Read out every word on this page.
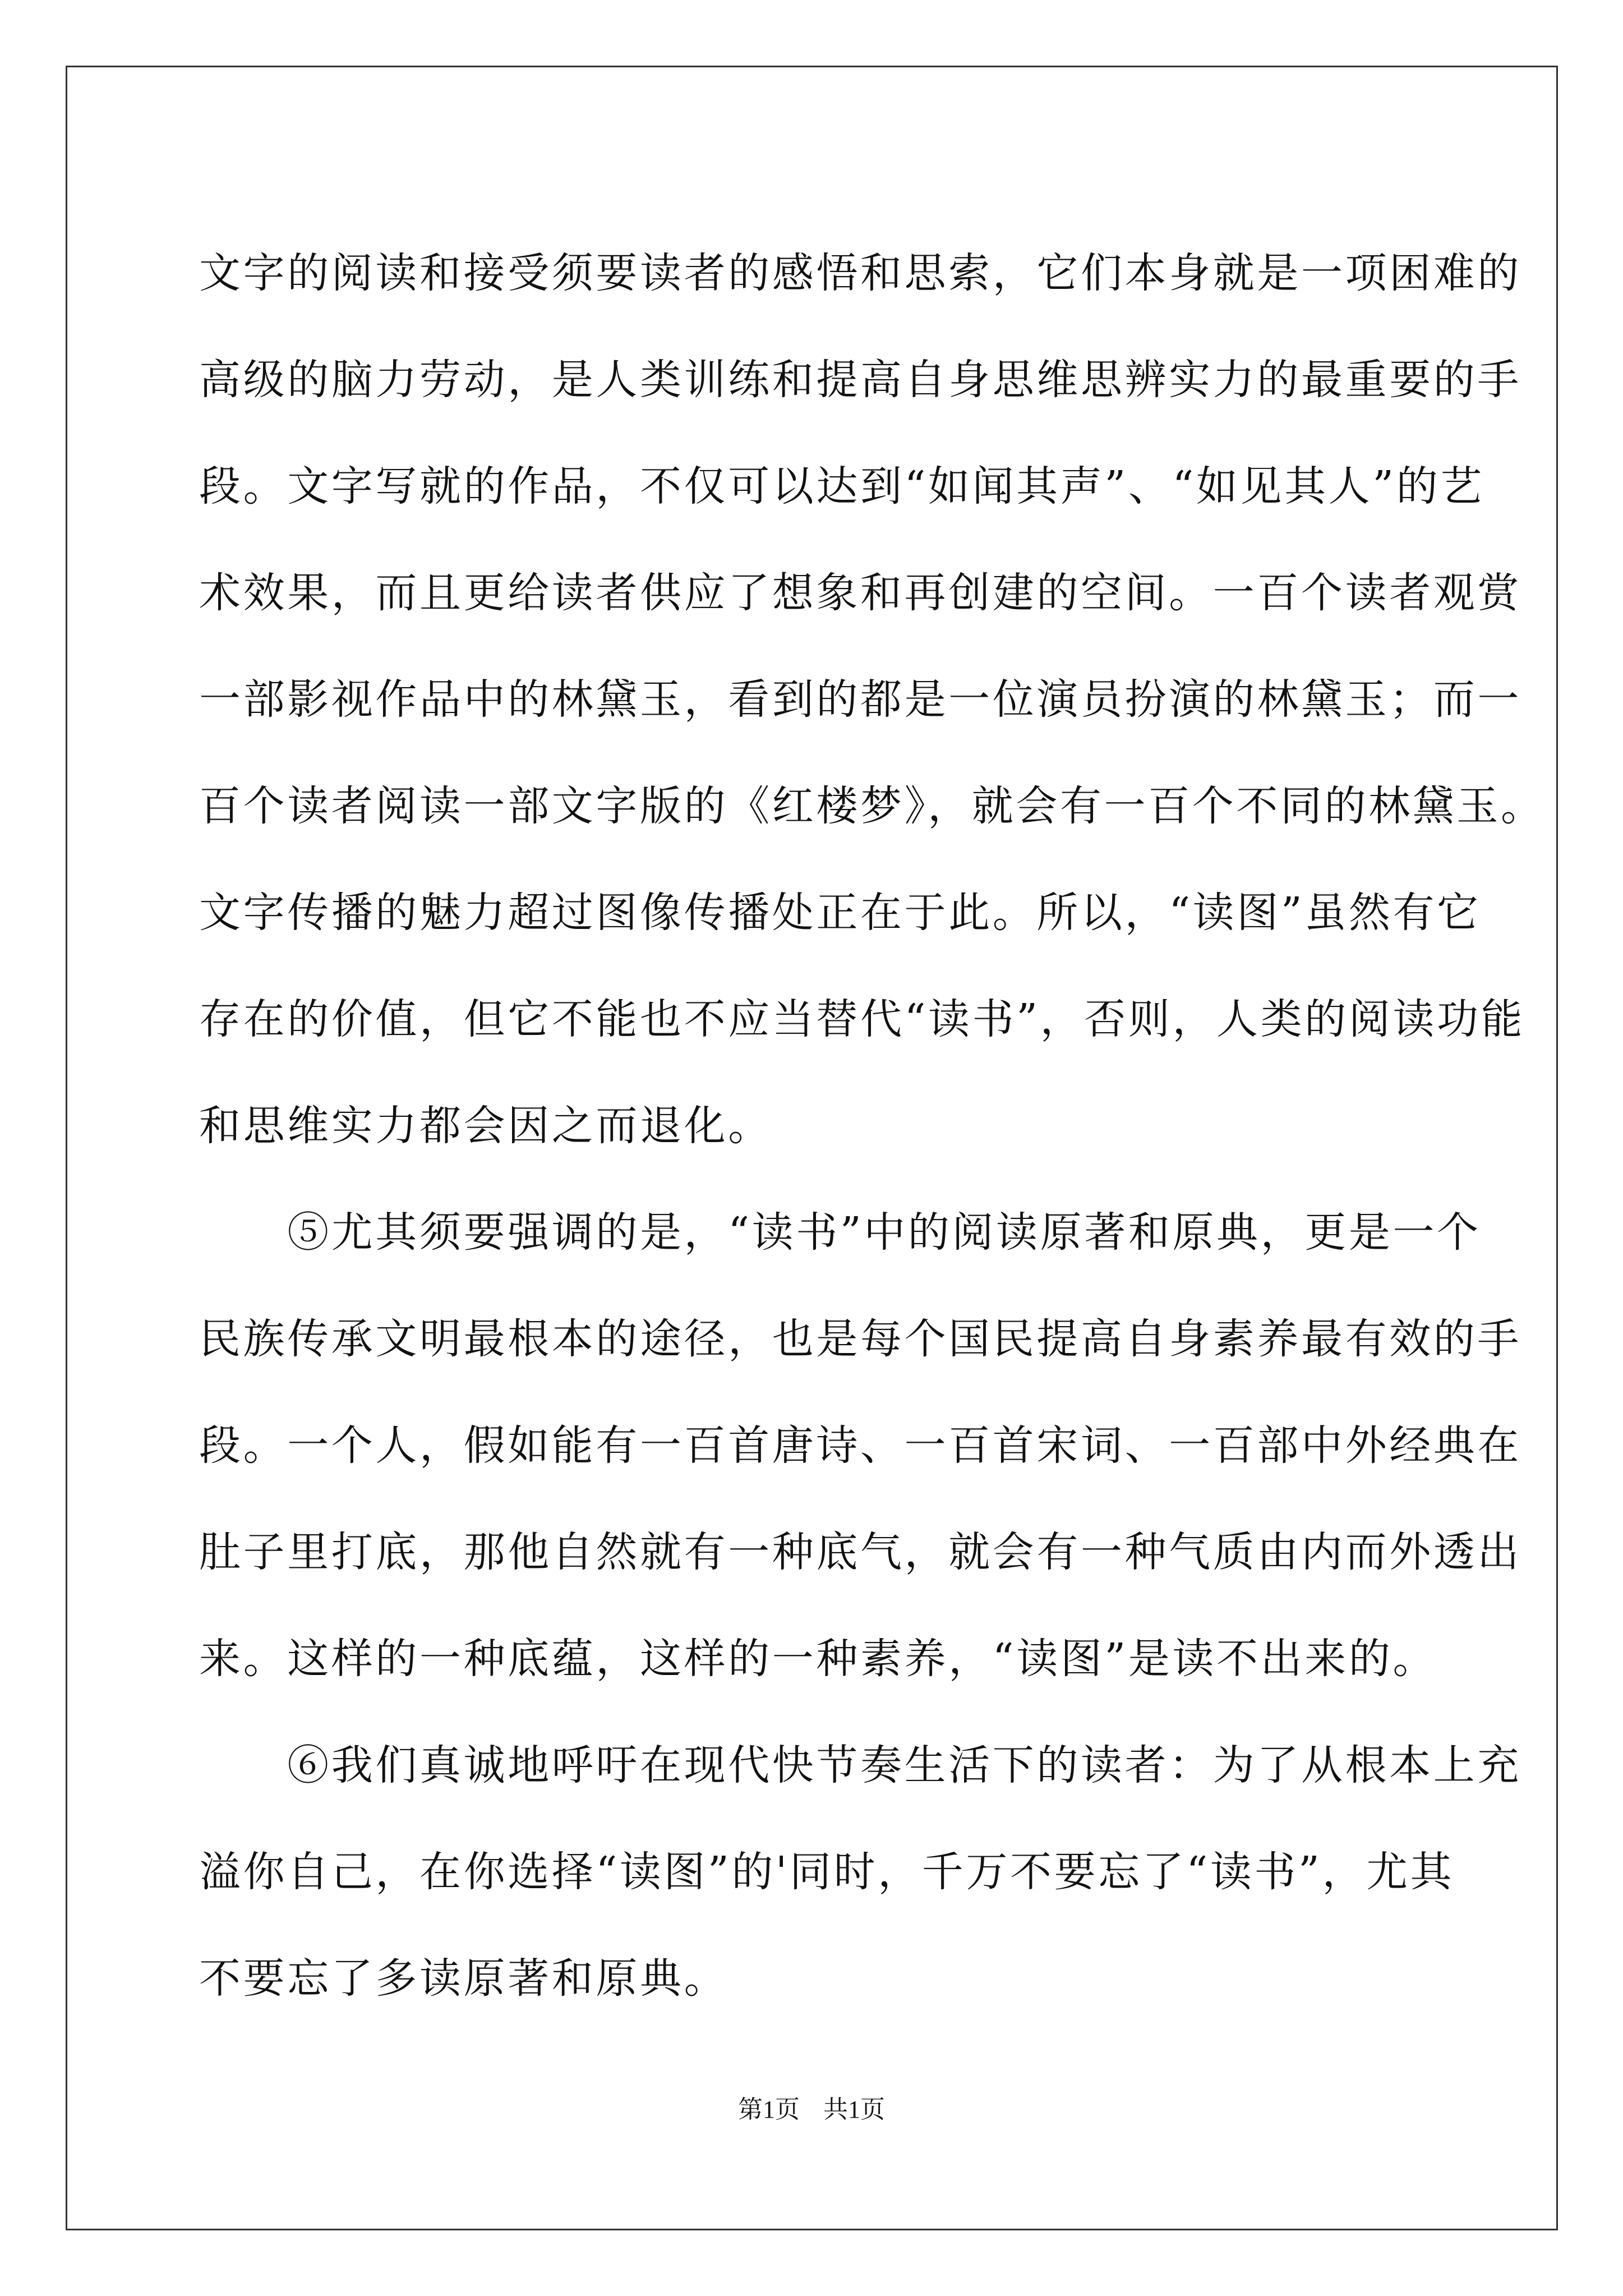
文字的阅读和接受须要读者的感悟和思索，它们本身就是一项困难的
高级的脑力劳动，是人类训练和提高自身思维思辨实力的最重要的手
段。文字写就的作品，不仅可以达到“如闻其声”、“如见其人”的艺
术效果，而且更给读者供应了想象和再创建的空间。一百个读者观赏
一部影视作品中的林黛玉，看到的都是一位演员扮演的林黛玉；而一
百个读者阅读一部文字版的《红楼梦》，就会有一百个不同的林黛玉。
文字传播的魅力超过图像传播处正在于此。所以，“读图”虽然有它
存在的价值，但它不能也不应当替代“读书”，否则，人类的阅读功能
和思维实力都会因之而退化。
　　⑤尤其须要强调的是，“读书”中的阅读原著和原典，更是一个
民族传承文明最根本的途径，也是每个国民提高自身素养最有效的手
段。一个人，假如能有一百首唐诗、一百首宋词、一百部中外经典在
肚子里打底，那他自然就有一种底气，就会有一种气质由内而外透出
来。这样的一种底蕴，这样的一种素养，“读图”是读不出来的。
　　⑥我们真诚地呼吁在现代快节奏生活下的读者：为了从根本上充
溢你自己，在你选择“读图”的'同时，千万不要忘了“读书”，尤其
不要忘了多读原著和原典。
第1页 共1页
